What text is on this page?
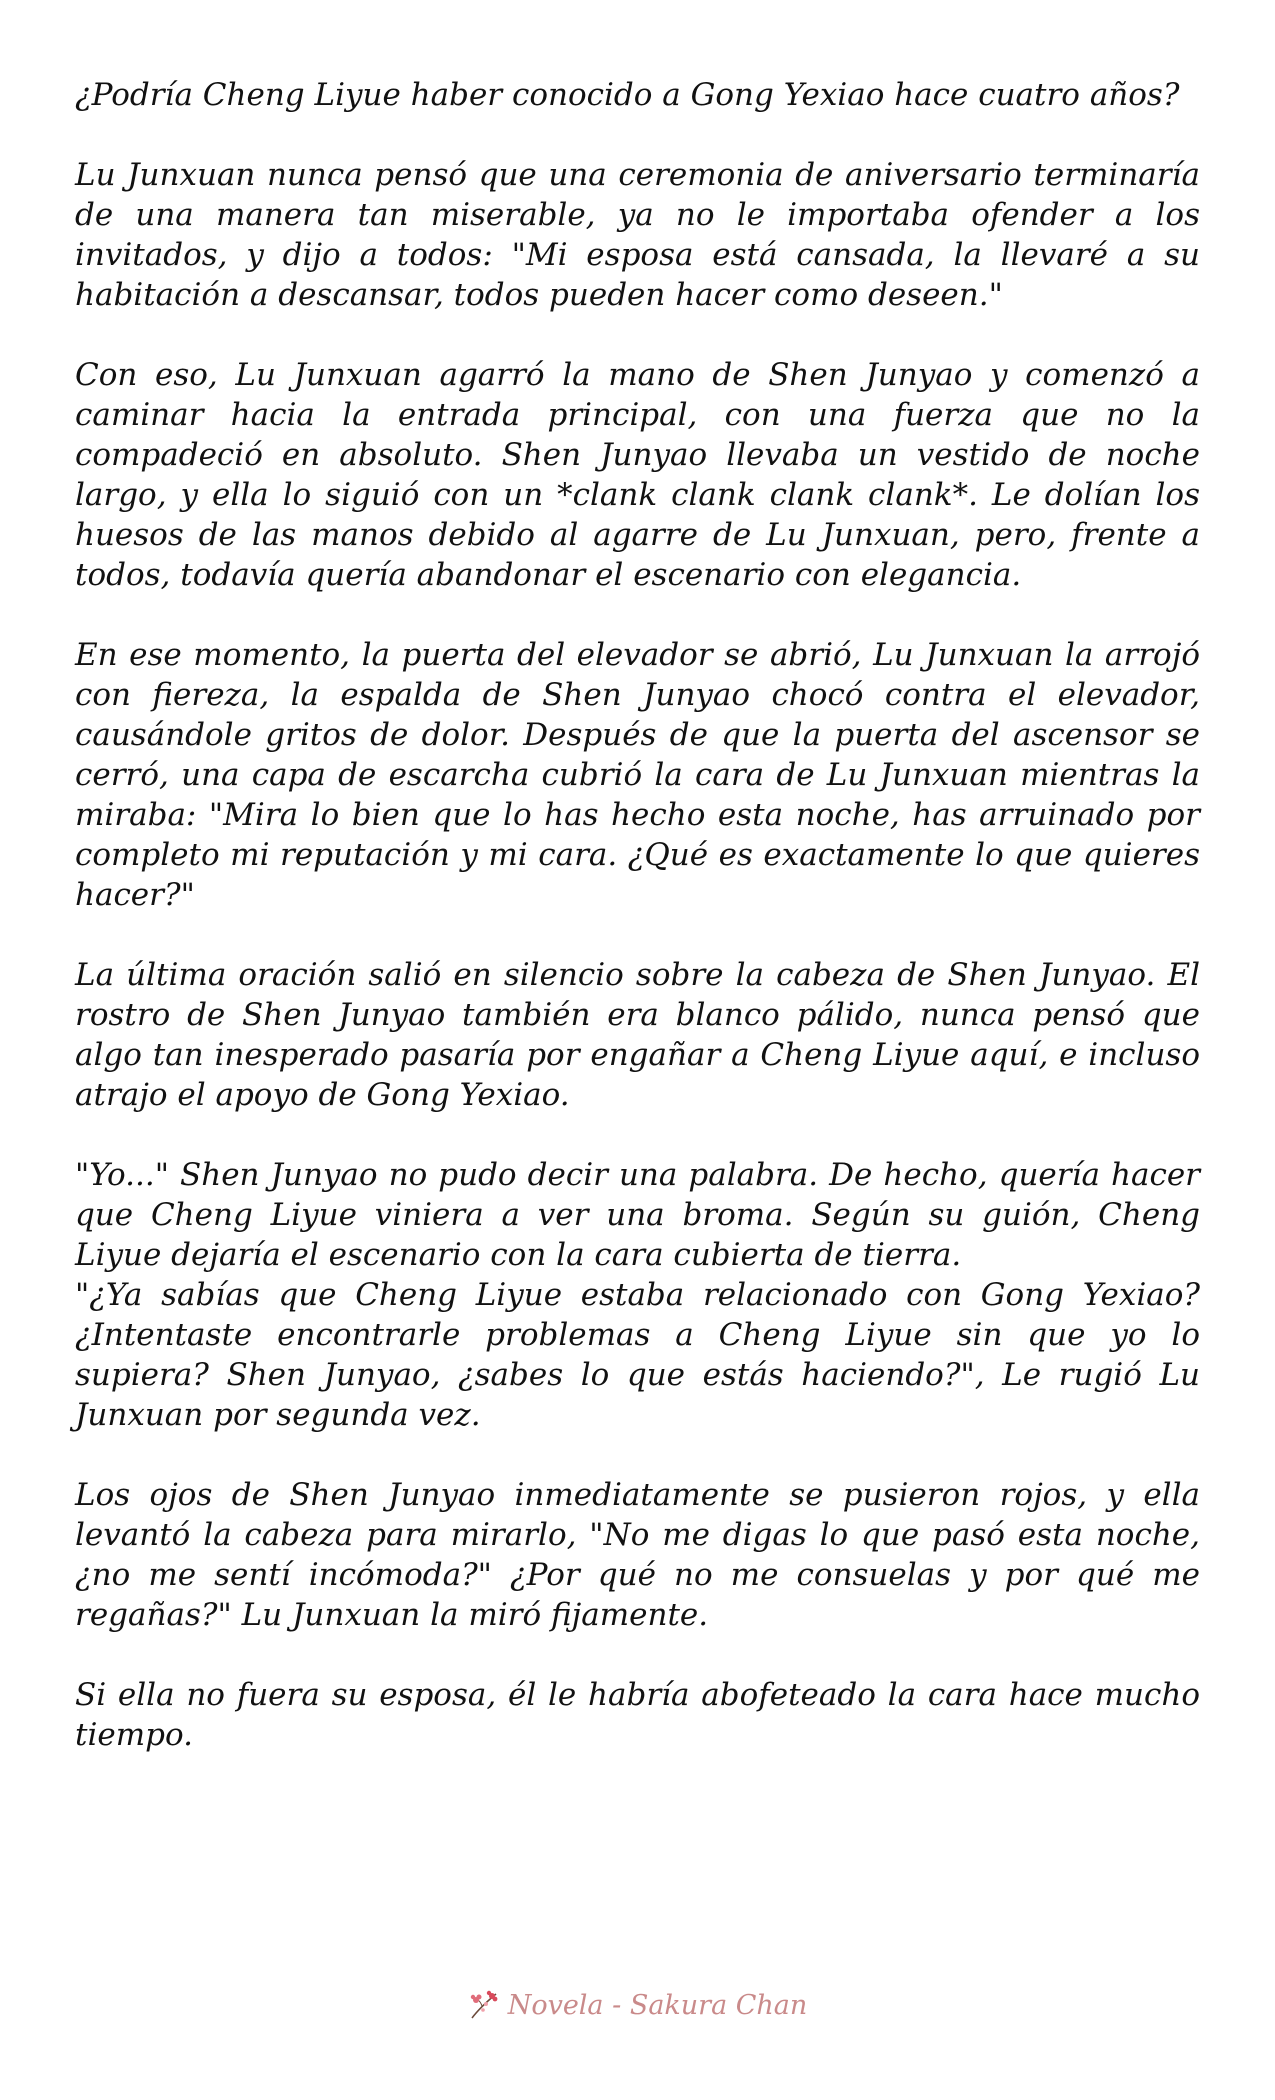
¿Podría Cheng Liyue haber conocido a Gong Yexiao hace cuatro años?

Lu Junxuan nunca pensó que una ceremonia de aniversario terminaría de una manera tan miserable, ya no le importaba ofender a los invitados, y dijo a todos: "Mi esposa está cansada, la llevaré a su habitación a descansar, todos pueden hacer como deseen."

Con eso, Lu Junxuan agarró la mano de Shen Junyao y comenzó a caminar hacia la entrada principal, con una fuerza que no la compadeció en absoluto. Shen Junyao llevaba un vestido de noche largo, y ella lo siguió con un *clank clank clank clank*. Le dolían los huesos de las manos debido al agarre de Lu Junxuan, pero, frente a todos, todavía quería abandonar el escenario con elegancia.

En ese momento, la puerta del elevador se abrió, Lu Junxuan la arrojó con fiereza, la espalda de Shen Junyao chocó contra el elevador, causándole gritos de dolor. Después de que la puerta del ascensor se cerró, una capa de escarcha cubrió la cara de Lu Junxuan mientras la miraba: "Mira lo bien que lo has hecho esta noche, has arruinado por completo mi reputación y mi cara. ¿Qué es exactamente lo que quieres hacer?"

La última oración salió en silencio sobre la cabeza de Shen Junyao. El rostro de Shen Junyao también era blanco pálido, nunca pensó que algo tan inesperado pasaría por engañar a Cheng Liyue aquí, e incluso atrajo el apoyo de Gong Yexiao.

"Yo..." Shen Junyao no pudo decir una palabra. De hecho, quería hacer que Cheng Liyue viniera a ver una broma. Según su guión, Cheng Liyue dejaría el escenario con la cara cubierta de tierra.

"¿Ya sabías que Cheng Liyue estaba relacionado con Gong Yexiao? ¿Intentaste encontrarle problemas a Cheng Liyue sin que yo lo supiera? Shen Junyao, ¿sabes lo que estás haciendo?", Le rugió Lu Junxuan por segunda vez.

Los ojos de Shen Junyao inmediatamente se pusieron rojos, y ella levantó la cabeza para mirarlo, "No me digas lo que pasó esta noche, ¿no me sentí incómoda?" ¿Por qué no me consuelas y por qué me regañas?" Lu Junxuan la miró fijamente.

Si ella no fuera su esposa, él le habría abofeteado la cara hace mucho tiempo.

Novela - Sakura Chan
